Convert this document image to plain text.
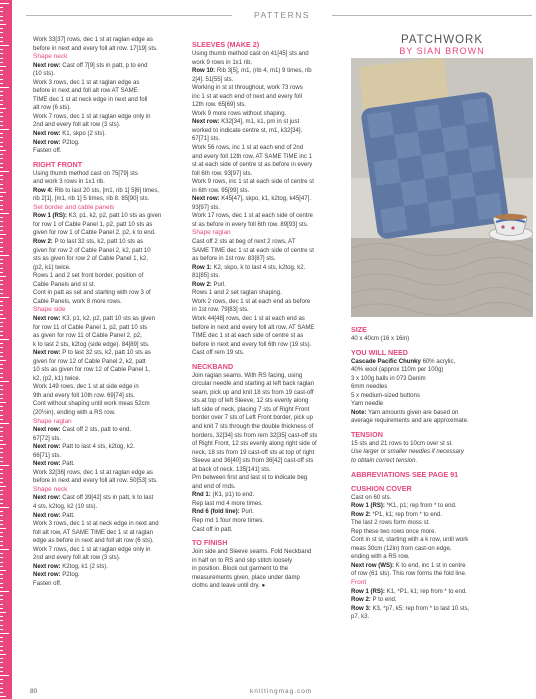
PATTERNS

Work 33[37] rows, dec 1 st at raglan edge as

before in next and every foll alt row. 17[19] sts.

Shape neck

Next row: Cast off 7[9] sts in patt, p to end

(10 sts).

Work 3 rows, dec 1 st at raglan edge as

before in next and foll alt row AT SAME

TIME dec 1 st at neck edge in next and foll

alt row (6 sts).

Work 7 rows, dec 1 st at raglan edge only in

2nd and every foll alt row (3 sts).

Next row: K1, skpo (2 sts).

Next row: P2tog.

Fasten off.

RIGHT FRONT

Using thumb method cast on 75[79] sts

and work 3 rows in 1x1 rib.

Row 4: Rib to last 20 sts, [m1, rib 1] 5[6] times,

rib 2[1], [m1, rib 1] 5 times, rib 8. 85[90] sts.

Set border and cable panels

Row 1 (RS): K3, p1, k2, p2, patt 10 sts as given

for row 1 of Cable Panel 1, p2, patt 10 sts as

given for row 1 of Cable Panel 2, p2, k to end.

Row 2: P to last 32 sts, k2, patt 10 sts as

given for row 2 of Cable Panel 2, k2, patt 10

sts as given for row 2 of Cable Panel 1, k2,

(p2, k1) twice.

Rows 1 and 2 set front border, position of

Cable Panels and st st.

Cont in patt as set and starting with row 3 of

Cable Panels, work 8 more rows.

Shape side

Next row: K3, p1, k2, p2, patt 10 sts as given

for row 11 of Cable Panel 1, p2, patt 10 sts

as given for row 11 of Cable Panel 2, p2,

k to last 2 sts, k2tog (side edge). 84[89] sts.

Next row: P to last 32 sts, k2, patt 10 sts as

given for row 12 of Cable Panel 2, k2, patt

10 sts as given for row 12 of Cable Panel 1,

k2, (p2, k1) twice.

Work 149 rows, dec 1 st at side edge in

9th and every foll 10th row. 69[74] sts.

Cont without shaping until work meas 52cm

(20½in), ending with a RS row.

Shape raglan

Next row: Cast off 2 sts, patt to end.

67[72] sts.

Next row: Patt to last 4 sts, k2tog, k2.

66[71] sts.

Next row: Patt.

Work 32[36] rows, dec 1 st at raglan edge as

before in next and every foll alt row. 50[53] sts.

Shape neck

Next row: Cast off 39[42] sts in patt, k to last

4 sts, k2tog, k2 (10 sts).

Next row: Patt.

Work 3 rows, dec 1 st at neck edge in next and

foll alt row, AT SAME TIME dec 1 st at raglan

edge as before in next and foll alt row (6 sts).

Work 7 rows, dec 1 st at raglan edge only in

2nd and every foll alt row (3 sts).

Next row: K2tog, k1 (2 sts).

Next row: P2tog.

Fasten off.

SLEEVES (MAKE 2)

Using thumb method cast on 41[45] sts and

work 9 rows in 1x1 rib.

Row 10: Rib 3[5], m1, (rib 4, m1) 9 times, rib

2[4]. 51[55] sts.

Working in st st throughout, work 73 rows

inc 1 st at each end of next and every foll

12th row. 65[69] sts.

Work 9 more rows without shaping.

Next row: K32[34], m1, k1, pm in st just

worked to indicate centre st, m1, k32[34].

67[71] sts.

Work 56 rows, inc 1 st at each end of 2nd

and every foll 12th row, AT SAME TIME inc 1

st at each side of centre st as before in every

foll 6th row. 93[97] sts.

Work 9 rows, inc 1 st at each side of centre st

in 6th row. 95[99] sts.

Next row: K45[47], skpo, k1, k2tog, k45[47].

93[97] sts.

Work 17 rows, dec 1 st at each side of centre

st as before in every foll 6th row. 89[93] sts.

Shape raglan

Cast off 2 sts at beg of next 2 rows, AT

SAME TIME dec 1 st at each side of centre st

as before in 1st row. 83[87] sts.

Row 1: K2, skpo, k to last 4 sts, k2tog, k2.

81[85] sts.

Row 2: Purl.

Rows 1 and 2 set raglan shaping.

Work 2 rows, dec 1 st at each end as before

in 1st row. 79[83] sts.

Work 44[48] rows, dec 1 st at each end as

before in next and every foll alt row, AT SAME

TIME dec 1 st at each side of centre st as

before in next and every foll 6th row (19 sts).

Cast off rem 19 sts.

NECKBAND

Join raglan seams. With RS facing, using

circular needle and starting at left back raglan

seam, pick up and knit 18 sts from 19 cast-off

sts at top of left Sleeve, 12 sts evenly along

left side of neck, placing 7 sts of Right Front

border over 7 sts of Left Front border, pick up

and knit 7 sts through the double thickness of

borders, 32[34] sts from rem 32[35] cast-off sts

of Right Front, 12 sts evenly along right side of

neck, 18 sts from 19 cast-off sts at top of right

Sleeve and 36[40] sts from 36[42] cast-off sts

at back of neck. 135[141] sts.

Pm between first and last st to indicate beg

and end of rnds.

Rnd 1: (K1, p1) to end.

Rep last rnd 4 more times.

Rnd 6 (fold line): Purl.

Rep rnd 1 four more times.

Cast off in patt.

TO FINISH

Join side and Sleeve seams. Fold Neckband

in half on to RS and slip stitch loosely

in position. Block out garment to the

measurements given, place under damp

cloths and leave until dry. ●

PATCHWORK
BY SIAN BROWN

SIZE

40 x 40cm (16 x 16in)

YOU WILL NEED

Cascade Pacific Chunky 60% acrylic,

40% wool (approx 110m per 100g)

3 x 100g balls in 073 Denim

6mm needles

5 x medium-sized buttons

Yarn needle

Note: Yarn amounts given are based on

average requirements and are approximate.

TENSION

15 sts and 21 rows to 10cm over st st.

Use larger or smaller needles if necessary

to obtain correct tension.

ABBREVIATIONS SEE PAGE 91

CUSHION COVER

Cast on 60 sts.

Row 1 (RS): *K1, p1; rep from * to end.

Row 2: *P1, k1; rep from * to end.

The last 2 rows form moss st.

Rep these two rows once more.

Cont in st st, starting with a k row, until work

meas 30cm (12in) from cast-on edge,

ending with a RS row.

Next row (WS): K to end, inc 1 st in centre

of row (61 sts). This row forms the fold line.

Front

Row 1 (RS): K1, *P1, k1; rep from * to end.

Row 2: P to end.

Row 3: K3, *p7, k5; rep from * to last 10 sts,

p7, k3.

80	knittingmag.com
